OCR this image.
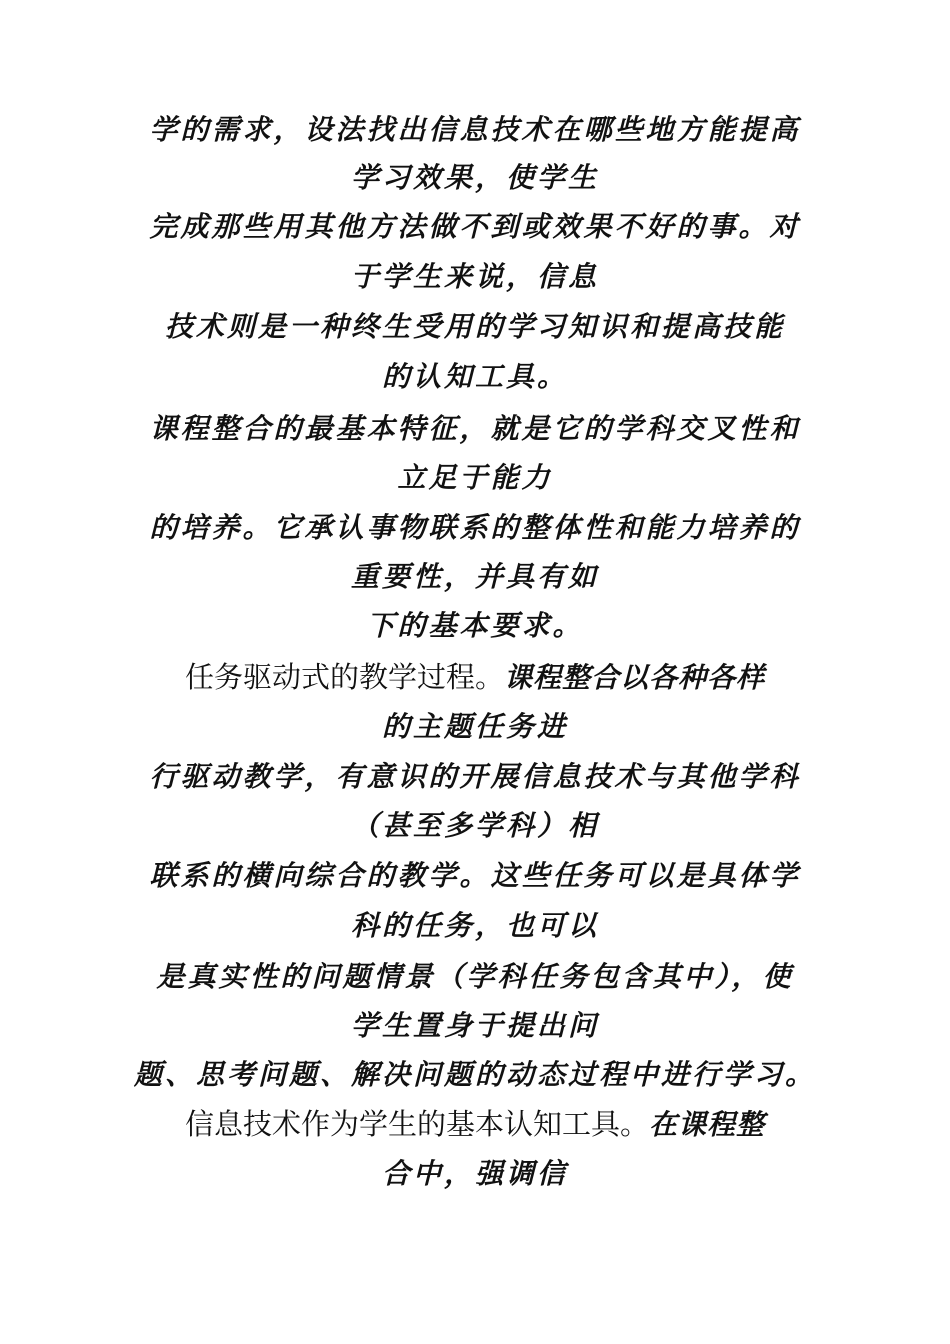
学的需求，设法找出信息技术在哪些地方能提高
学习效果，使学生
完成那些用其他方法做不到或效果不好的事。对
于学生来说，信息
技术则是一种终生受用的学习知识和提高技能
的认知工具。
课程整合的最基本特征，就是它的学科交叉性和
立足于能力
的培养。它承认事物联系的整体性和能力培养的
重要性，并具有如
下的基本要求。
任务驱动式的教学过程。课程整合以各种各样
的主题任务进
行驱动教学，有意识的开展信息技术与其他学科
（甚至多学科）相
联系的横向综合的教学。这些任务可以是具体学
科的任务，也可以
是真实性的问题情景（学科任务包含其中），使
学生置身于提出问
题、思考问题、解决问题的动态过程中进行学习。
信息技术作为学生的基本认知工具。在课程整
合中，强调信
